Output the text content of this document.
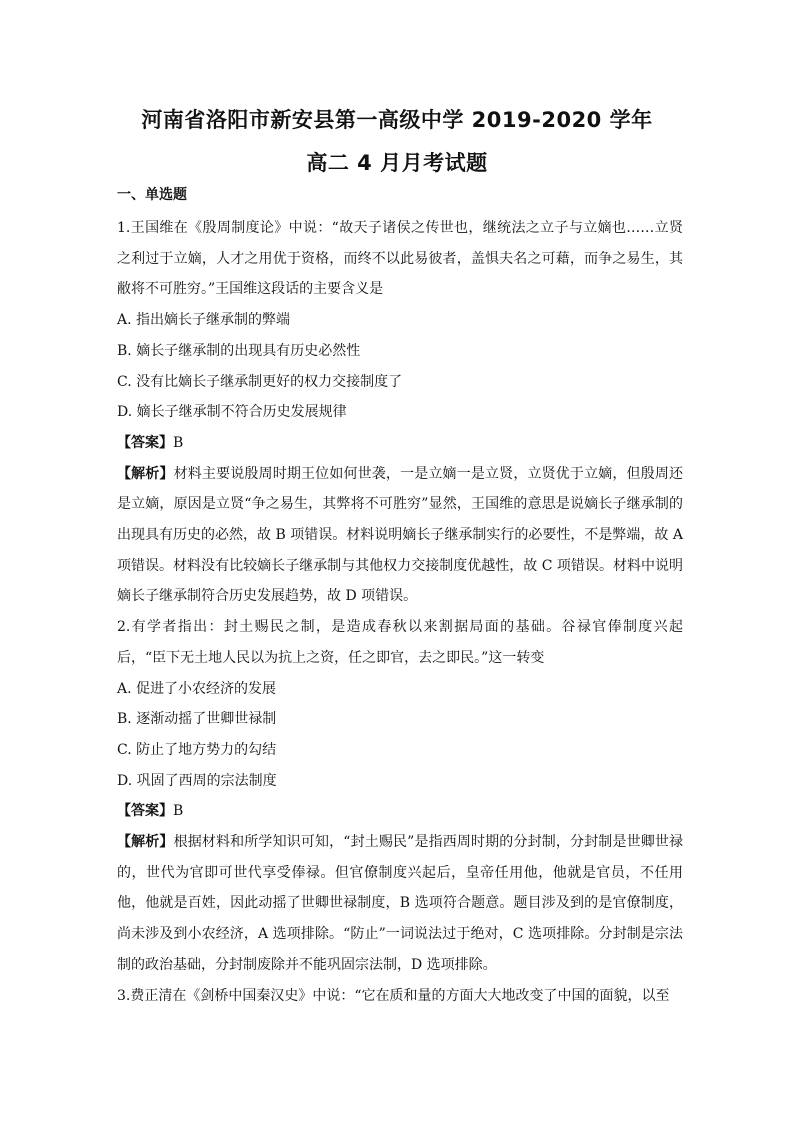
河南省洛阳市新安县第一高级中学 2019-2020 学年
高二 4 月月考试题
一、单选题

1.王国维在《殷周制度论》中说：“故天子诸侯之传世也，继统法之立子与立嫡也……立贤之利过于立嫡，人才之用优于资格，而终不以此易彼者，盖惧夫名之可藉，而争之易生，其敝将不可胜穷。”王国维这段话的主要含义是

A. 指出嫡长子继承制的弊端

B. 嫡长子继承制的出现具有历史必然性

C. 没有比嫡长子继承制更好的权力交接制度了

D. 嫡长子继承制不符合历史发展规律

【答案】B

【解析】材料主要说殷周时期王位如何世袭，一是立嫡一是立贤，立贤优于立嫡，但殷周还是立嫡，原因是立贤“争之易生，其弊将不可胜穷”显然，王国维的意思是说嫡长子继承制的出现具有历史的必然，故 B 项错误。材料说明嫡长子继承制实行的必要性，不是弊端，故 A 项错误。材料没有比较嫡长子继承制与其他权力交接制度优越性，故 C 项错误。材料中说明嫡长子继承制符合历史发展趋势，故 D 项错误。

2.有学者指出：封土赐民之制，是造成春秋以来割据局面的基础。谷禄官俸制度兴起后，“臣下无土地人民以为抗上之资，任之即官，去之即民。”这一转变

A. 促进了小农经济的发展

B. 逐渐动摇了世卿世禄制

C. 防止了地方势力的勾结

D. 巩固了西周的宗法制度

【答案】B

【解析】根据材料和所学知识可知，“封土赐民”是指西周时期的分封制，分封制是世卿世禄的，世代为官即可世代享受俸禄。但官僚制度兴起后，皇帝任用他，他就是官员，不任用他，他就是百姓，因此动摇了世卿世禄制度，B 选项符合题意。题目涉及到的是官僚制度，尚未涉及到小农经济，A 选项排除。“防止”一词说法过于绝对，C 选项排除。分封制是宗法制的政治基础，分封制废除并不能巩固宗法制，D 选项排除。

3.费正清在《剑桥中国秦汉史》中说：“它在质和量的方面大大地改变了中国的面貌，以至
